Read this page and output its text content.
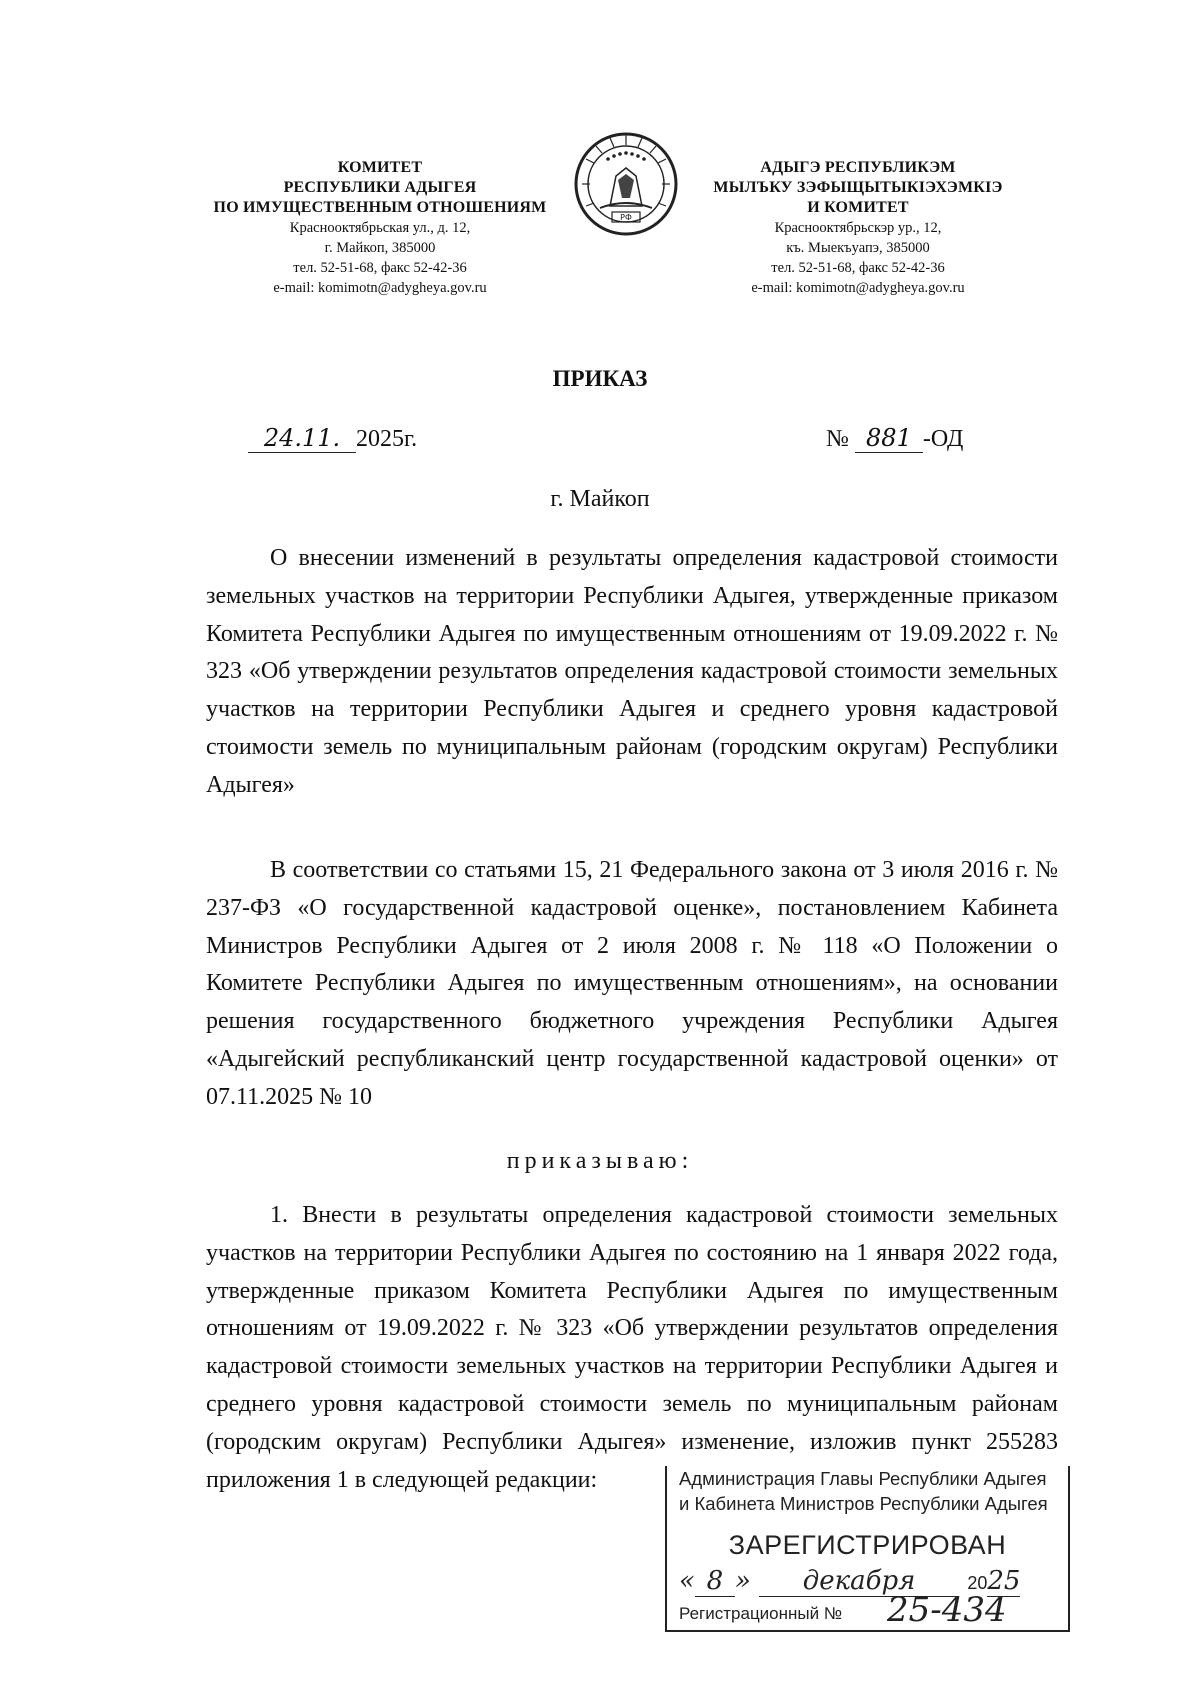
КОМИТЕТ
РЕСПУБЛИКИ АДЫГЕЯ
ПО ИМУЩЕСТВЕННЫМ ОТНОШЕНИЯМ
Краснооктябрьская ул., д. 12,
г. Майкоп, 385000
тел. 52-51-68, факс 52-42-36
e-mail: komimotn@adygheya.gov.ru
РФ
АДЫГЭ РЕСПУБЛИКЭМ
МЫЛЪКУ ЗЭФЫЩЫТЫКIЭХЭМКIЭ
И КОМИТЕТ
Краснооктябрьскэр ур., 12,
къ. Мыекъуапэ, 385000
тел. 52-51-68, факс 52-42-36
e-mail: komimotn@adygheya.gov.ru
ПРИКАЗ
24.11. 2025г.	№ 881 -ОД
г. Майкоп

О внесении изменений в результаты определения кадастровой стоимости земельных участков на территории Республики Адыгея, утвержденные приказом Комитета Республики Адыгея по имущественным отношениям от 19.09.2022 г. № 323 «Об утверждении результатов определения кадастровой стоимости земельных участков на территории Республики Адыгея и среднего уровня кадастровой стоимости земель по муниципальным районам (городским округам) Республики Адыгея»

В соответствии со статьями 15, 21 Федерального закона от 3 июля 2016 г. № 237-ФЗ «О государственной кадастровой оценке», постановлением Кабинета Министров Республики Адыгея от 2 июля 2008 г. № 118 «О Положении о Комитете Республики Адыгея по имущественным отношениям», на основании решения государственного бюджетного учреждения Республики Адыгея «Адыгейский республиканский центр государственной кадастровой оценки» от 07.11.2025 № 10

приказываю:

1. Внести в результаты определения кадастровой стоимости земельных участков на территории Республики Адыгея по состоянию на 1 января 2022 года, утвержденные приказом Комитета Республики Адыгея по имущественным отношениям от 19.09.2022 г. № 323 «Об утверждении результатов определения кадастровой стоимости земельных участков на территории Республики Адыгея и среднего уровня кадастровой стоимости земель по муниципальным районам (городским округам) Республики Адыгея» изменение, изложив пункт 255283 приложения 1 в следующей редакции:	Администрация Главы Республики Адыгея
и Кабинета Министров Республики Адыгея
ЗАРЕГИСТРИРОВАН
« 8 » декабря	2025
Регистрационный № 25-434
